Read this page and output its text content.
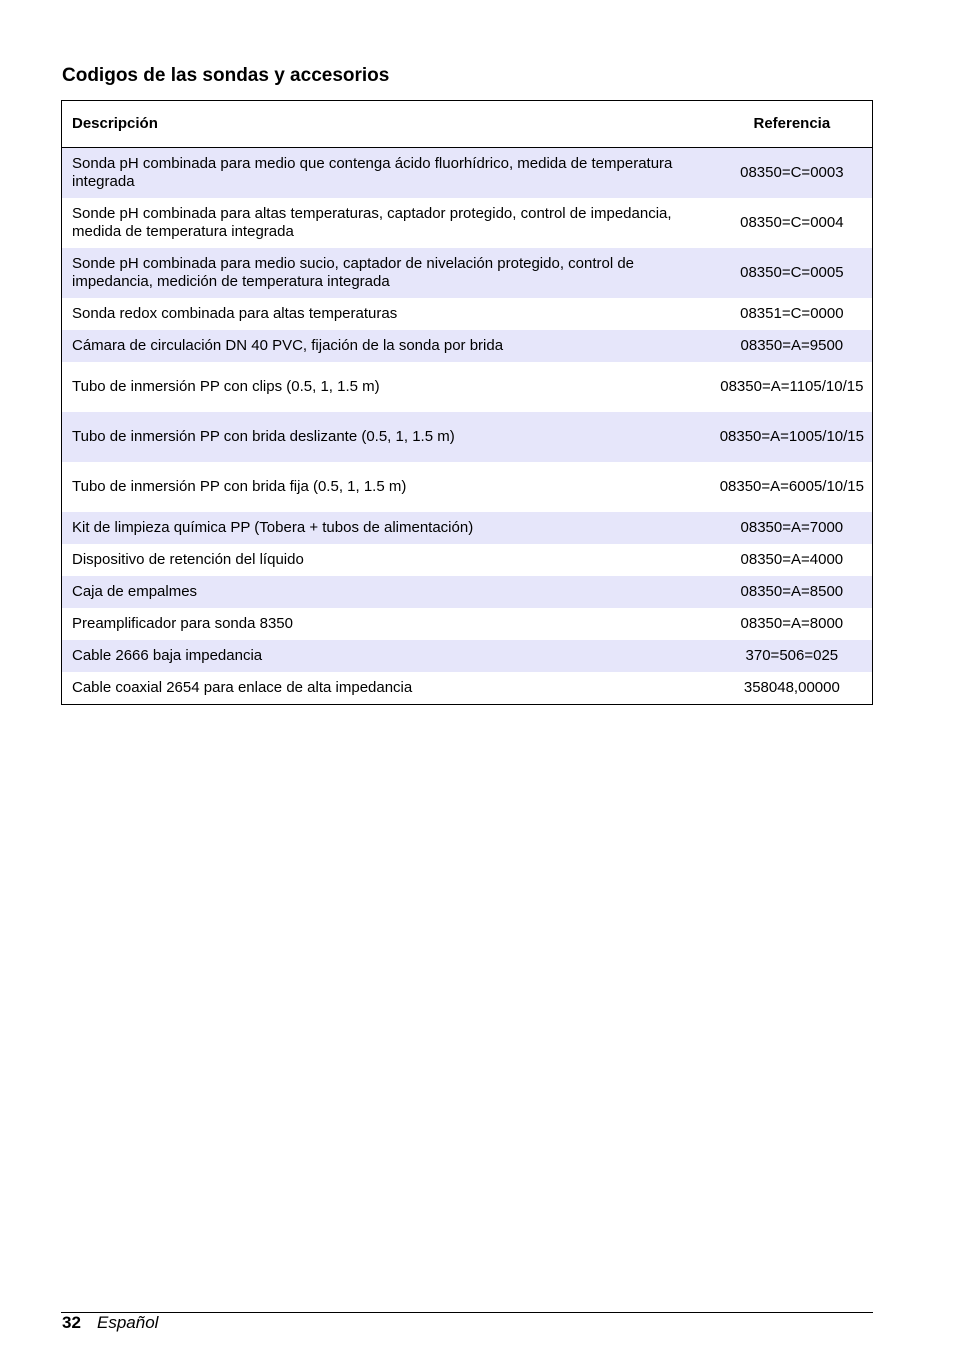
Codigos de las sondas y accesorios
Descripción	Referencia
Sonda pH combinada para medio que contenga ácido fluorhídrico, medida de temperatura integrada	08350=C=0003
Sonde pH combinada para altas temperaturas, captador protegido, control de impedancia, medida de temperatura integrada	08350=C=0004
Sonde pH combinada para medio sucio, captador de nivelación protegido, control de impedancia, medición de temperatura integrada	08350=C=0005
Sonda redox combinada para altas temperaturas	08351=C=0000
Cámara de circulación DN 40 PVC, fijación de la sonda por brida	08350=A=9500
Tubo de inmersión PP con clips (0.5, 1, 1.5 m)	08350=A=1105/10/15
Tubo de inmersión PP con brida deslizante (0.5, 1, 1.5 m)	08350=A=1005/10/15
Tubo de inmersión PP con brida fija (0.5, 1, 1.5 m)	08350=A=6005/10/15
Kit de limpieza química PP (Tobera + tubos de alimentación)	08350=A=7000
Dispositivo de retención del líquido	08350=A=4000
Caja de empalmes	08350=A=8500
Preamplificador para sonda 8350	08350=A=8000
Cable 2666 baja impedancia	370=506=025
Cable coaxial 2654 para enlace de alta impedancia	358048,00000
32 Español
